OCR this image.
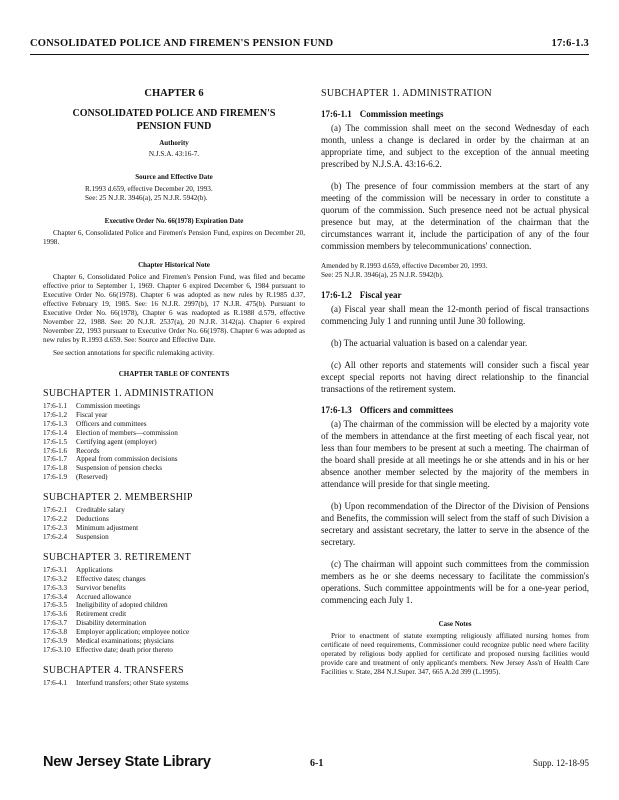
CONSOLIDATED POLICE AND FIREMEN'S PENSION FUND	17:6-1.3
CHAPTER 6
CONSOLIDATED POLICE AND FIREMEN'S
PENSION FUND
Authority
N.J.S.A. 43:16-7.
Source and Effective Date
R.1993 d.659, effective December 20, 1993.
See: 25 N.J.R. 3946(a), 25 N.J.R. 5942(b).
Executive Order No. 66(1978) Expiration Date
Chapter 6, Consolidated Police and Firemen's Pension Fund, expires on December 20, 1998.
Chapter Historical Note
Chapter 6, Consolidated Police and Firemen's Pension Fund, was filed and became effective prior to September 1, 1969. Chapter 6 expired December 6, 1984 pursuant to Executive Order No. 66(1978). Chapter 6 was adopted as new rules by R.1985 d.37, effective February 19, 1985. See: 16 N.J.R. 2997(b), 17 N.J.R. 475(b). Pursuant to Executive Order No. 66(1978), Chapter 6 was readopted as R.1988 d.579, effective November 22, 1988. See: 20 N.J.R. 2537(a), 20 N.J.R. 3142(a). Chapter 6 expired November 22, 1993 pursuant to Executive Order No. 66(1978). Chapter 6 was adopted as new rules by R.1993 d.659. See: Source and Effective Date.
See section annotations for specific rulemaking activity.
CHAPTER TABLE OF CONTENTS
SUBCHAPTER 1. ADMINISTRATION
17:6-1.1	Commission meetings
17:6-1.2	Fiscal year
17:6-1.3	Officers and committees
17:6-1.4	Election of members—commission
17:6-1.5	Certifying agent (employer)
17:6-1.6	Records
17:6-1.7	Appeal from commission decisions
17:6-1.8	Suspension of pension checks
17:6-1.9	(Reserved)
SUBCHAPTER 2. MEMBERSHIP
17:6-2.1	Creditable salary
17:6-2.2	Deductions
17:6-2.3	Minimum adjustment
17:6-2.4	Suspension
SUBCHAPTER 3. RETIREMENT
17:6-3.1	Applications
17:6-3.2	Effective dates; changes
17:6-3.3	Survivor benefits
17:6-3.4	Accrued allowance
17:6-3.5	Ineligibility of adopted children
17:6-3.6	Retirement credit
17:6-3.7	Disability determination
17:6-3.8	Employer application; employee notice
17:6-3.9	Medical examinations; physicians
17:6-3.10 Effective date; death prior thereto
SUBCHAPTER 4. TRANSFERS
17:6-4.1	Interfund transfers; other State systems
SUBCHAPTER 1. ADMINISTRATION
17:6-1.1 Commission meetings

(a) The commission shall meet on the second Wednesday of each month, unless a change is declared in order by the chairman at an appropriate time, and subject to the exception of the annual meeting prescribed by N.J.S.A. 43:16-6.2.

(b) The presence of four commission members at the start of any meeting of the commission will be necessary in order to constitute a quorum of the commission. Such presence need not be actual physical presence but may, at the determination of the chairman that the circumstances warrant it, include the participation of any of the four commission members by telecommunications' connection.

Amended by R.1993 d.659, effective December 20, 1993.
See: 25 N.J.R. 3946(a), 25 N.J.R. 5942(b).
17:6-1.2 Fiscal year

(a) Fiscal year shall mean the 12-month period of fiscal transactions commencing July 1 and running until June 30 following.

(b) The actuarial valuation is based on a calendar year.

(c) All other reports and statements will consider such a fiscal year except special reports not having direct relationship to the financial transactions of the retirement system.

17:6-1.3 Officers and committees

(a) The chairman of the commission will be elected by a majority vote of the members in attendance at the first meeting of each fiscal year, not less than four members to be present at such a meeting. The chairman of the board shall preside at all meetings he or she attends and in his or her absence another member selected by the majority of the members in attendance will preside for that single meeting.

(b) Upon recommendation of the Director of the Division of Pensions and Benefits, the commission will select from the staff of such Division a secretary and assistant secretary, the latter to serve in the absence of the secretary.

(c) The chairman will appoint such committees from the commission members as he or she deems necessary to facilitate the commission's operations. Such committee appointments will be for a one-year period, commencing each July 1.

Case Notes
Prior to enactment of statute exempting religiously affiliated nursing homes from certificate of need requirements, Commissioner could recognize public need where facility operated by religious body applied for certificate and proposed nursing facilities would provide care and treatment of only applicant's members. New Jersey Ass'n of Health Care Facilities v. State, 284 N.J.Super. 347, 665 A.2d 399 (L.1995).
New Jersey State Library	6-1	Supp. 12-18-95
